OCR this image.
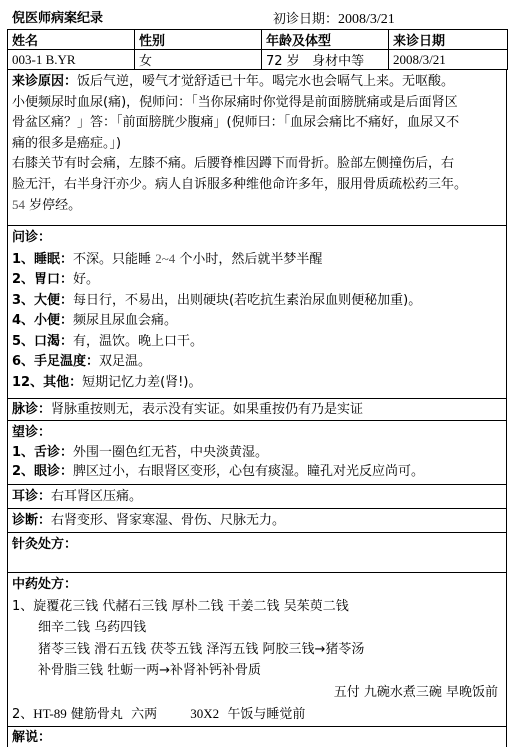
倪医师病案纪录	初诊日期：2008/3/21
姓名	性别	年龄及体型	来诊日期
003-1 B.YR	女	72 岁 身材中等	2008/3/21
来诊原因：饭后气逆，嗳气才觉舒适已十年。喝完水也会嗝气上来。无呕酸。
小便频尿时血尿(痛)，倪师问：「当你尿痛时你觉得是前面膀胱痛或是后面肾区
骨盆区痛？」答：「前面膀胱少腹痛」(倪师曰：「血尿会痛比不痛好，血尿又不
痛的很多是癌症。」)
右膝关节有时会痛，左膝不痛。后腰脊椎因蹲下而骨折。脸部左侧撞伤后，右
脸无汗，右半身汗亦少。病人自诉服多种维他命许多年，服用骨质疏松药三年。
54 岁停经。
问诊：
1、睡眠：不深。只能睡 2~4 个小时，然后就半梦半醒
2、胃口：好。
3、大便：每日行，不易出，出则硬块(若吃抗生素治尿血则便秘加重)。
4、小便：频尿且尿血会痛。
5、口渴：有，温饮。晚上口干。
6、手足温度：双足温。
12、其他：短期记忆力差(肾!)。
脉诊：肾脉重按则无，表示没有实证。如果重按仍有乃是实证
望诊：
1、舌诊：外围一圈色红无苔，中央淡黄湿。
2、眼诊：脾区过小，右眼肾区变形，心包有痰湿。瞳孔对光反应尚可。
耳诊：右耳肾区压痛。
诊断：右肾变形、肾家寒湿、骨伤、尺脉无力。
针灸处方：
中药处方：
1、旋覆花三钱 代赭石三钱 厚朴二钱 干姜二钱 吴茱萸二钱
细辛二钱 乌药四钱
猪苓三钱 滑石五钱 茯苓五钱 泽泻五钱 阿胶三钱→猪苓汤
补骨脂三钱 牡蛎一两→补肾补钙补骨质
五付 九碗水煮三碗 早晚饭前
2、HT-89 健筋骨丸  六两        30X2  午饭与睡觉前
解说：
